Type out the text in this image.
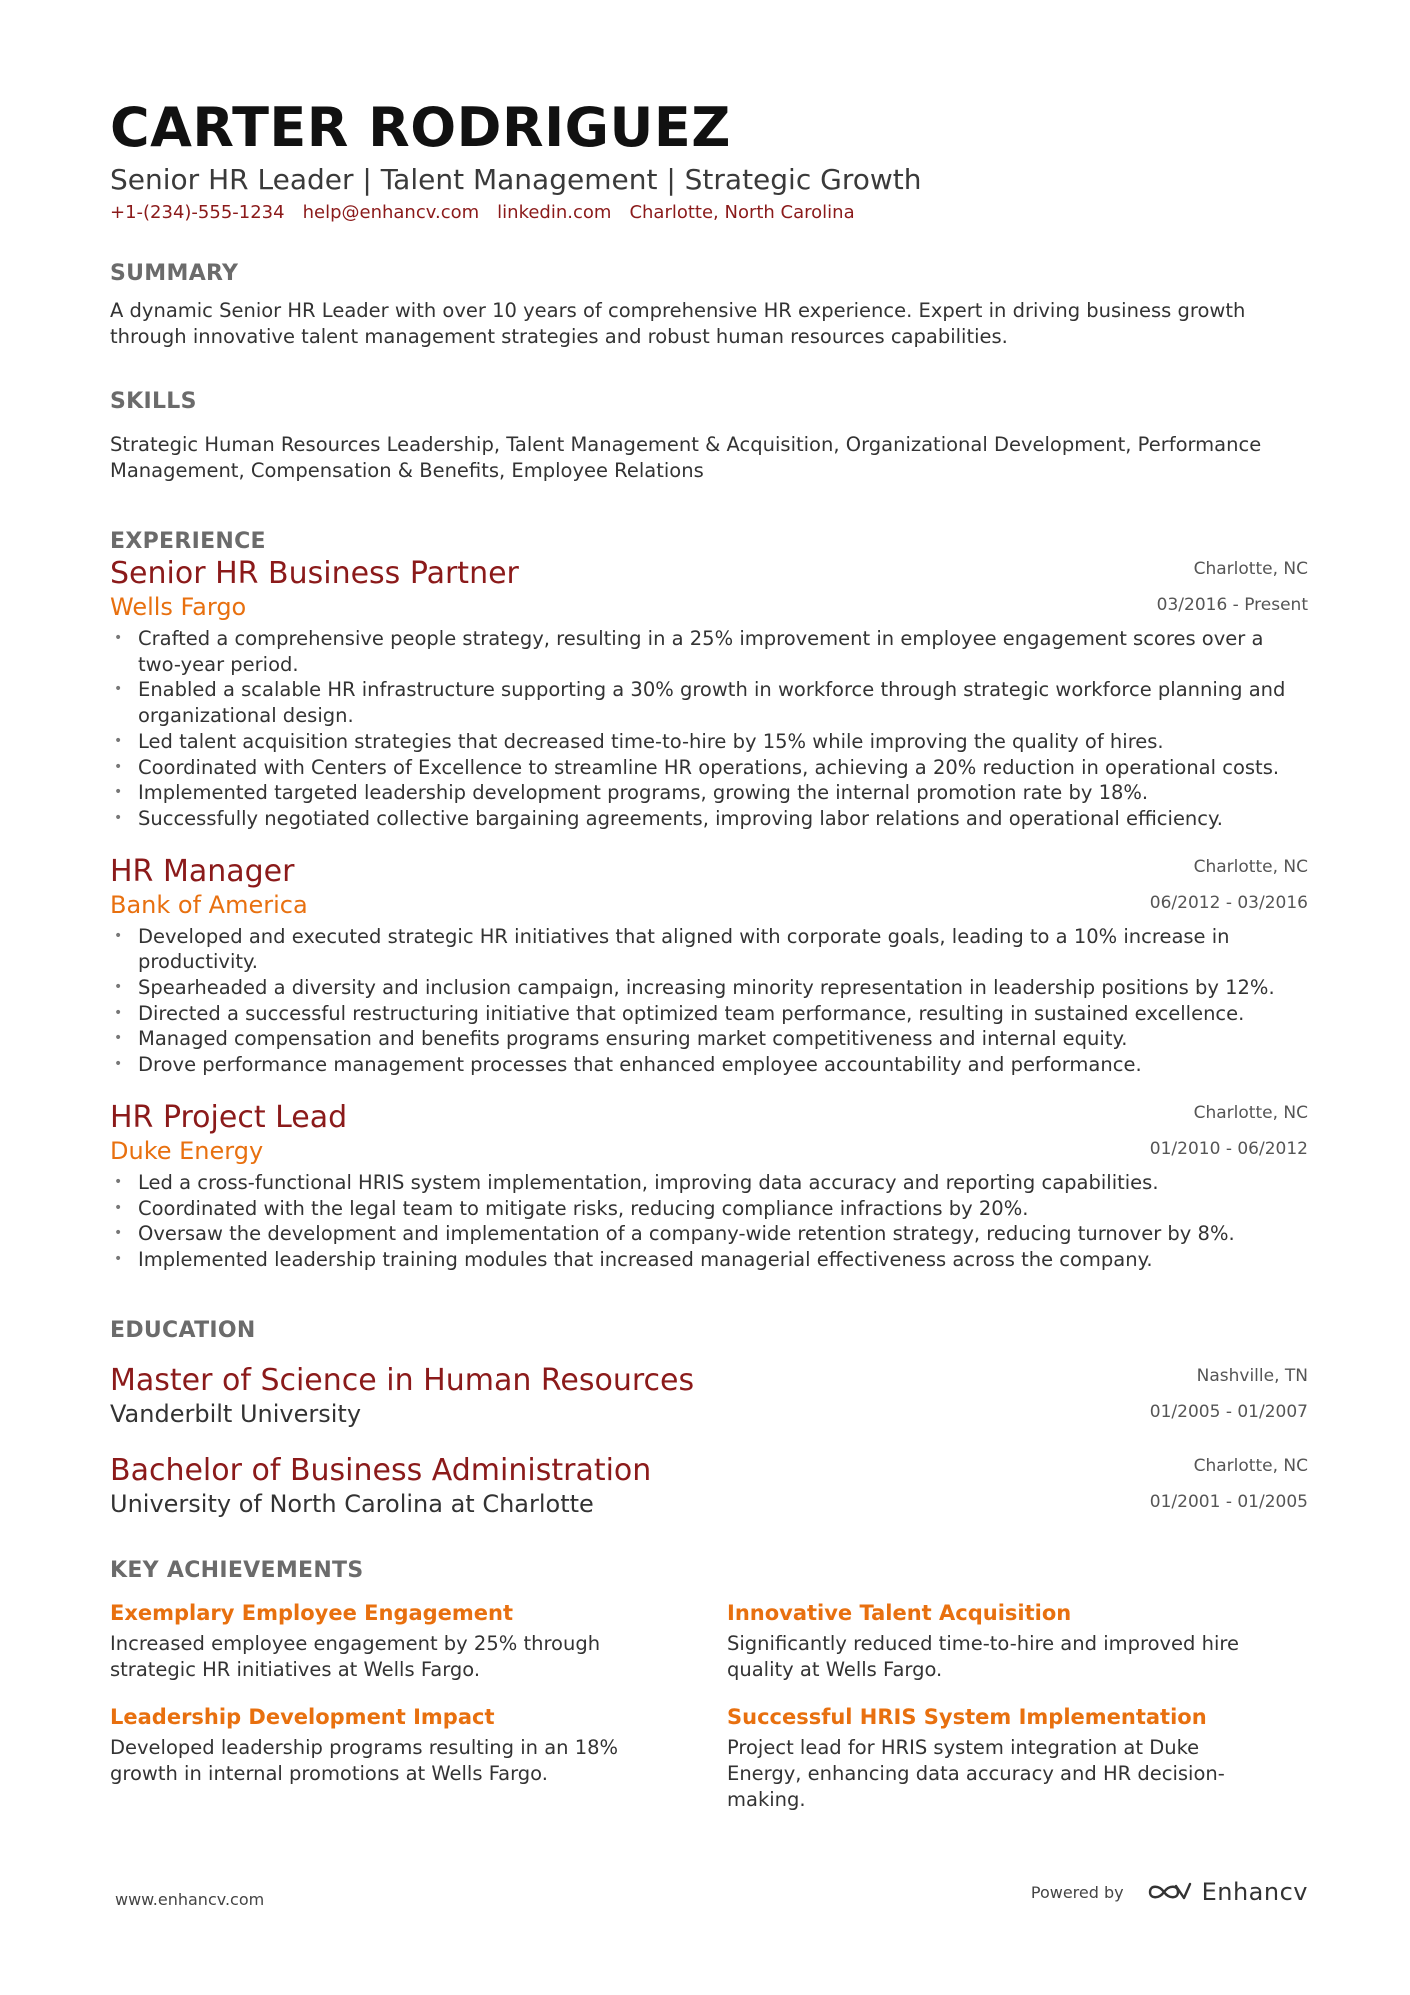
CARTER RODRIGUEZ
Senior HR Leader | Talent Management | Strategic Growth
+1-(234)-555-1234 help@enhancv.com linkedin.com Charlotte, North Carolina
SUMMARY
A dynamic Senior HR Leader with over 10 years of comprehensive HR experience. Expert in driving business growth through innovative talent management strategies and robust human resources capabilities.
SKILLS
Strategic Human Resources Leadership, Talent Management & Acquisition, Organizational Development, Performance Management, Compensation & Benefits, Employee Relations
EXPERIENCE
Senior HR Business Partner
Wells Fargo
Charlotte, NC
03/2016 - Present
• Crafted a comprehensive people strategy, resulting in a 25% improvement in employee engagement scores over a two-year period.
• Enabled a scalable HR infrastructure supporting a 30% growth in workforce through strategic workforce planning and organizational design.
• Led talent acquisition strategies that decreased time-to-hire by 15% while improving the quality of hires.
• Coordinated with Centers of Excellence to streamline HR operations, achieving a 20% reduction in operational costs.
• Implemented targeted leadership development programs, growing the internal promotion rate by 18%.
• Successfully negotiated collective bargaining agreements, improving labor relations and operational efficiency.
HR Manager
Bank of America
Charlotte, NC
06/2012 - 03/2016
• Developed and executed strategic HR initiatives that aligned with corporate goals, leading to a 10% increase in productivity.
• Spearheaded a diversity and inclusion campaign, increasing minority representation in leadership positions by 12%.
• Directed a successful restructuring initiative that optimized team performance, resulting in sustained excellence.
• Managed compensation and benefits programs ensuring market competitiveness and internal equity.
• Drove performance management processes that enhanced employee accountability and performance.
HR Project Lead
Duke Energy
Charlotte, NC
01/2010 - 06/2012
• Led a cross-functional HRIS system implementation, improving data accuracy and reporting capabilities.
• Coordinated with the legal team to mitigate risks, reducing compliance infractions by 20%.
• Oversaw the development and implementation of a company-wide retention strategy, reducing turnover by 8%.
• Implemented leadership training modules that increased managerial effectiveness across the company.
EDUCATION
Master of Science in Human Resources
Vanderbilt University
Nashville, TN
01/2005 - 01/2007
Bachelor of Business Administration
University of North Carolina at Charlotte
Charlotte, NC
01/2001 - 01/2005
KEY ACHIEVEMENTS
Exemplary Employee Engagement
Increased employee engagement by 25% through strategic HR initiatives at Wells Fargo.
Innovative Talent Acquisition
Significantly reduced time-to-hire and improved hire quality at Wells Fargo.
Leadership Development Impact
Developed leadership programs resulting in an 18% growth in internal promotions at Wells Fargo.
Successful HRIS System Implementation
Project lead for HRIS system integration at Duke Energy, enhancing data accuracy and HR decision-making.
www.enhancv.com	Powered by	Enhancv
